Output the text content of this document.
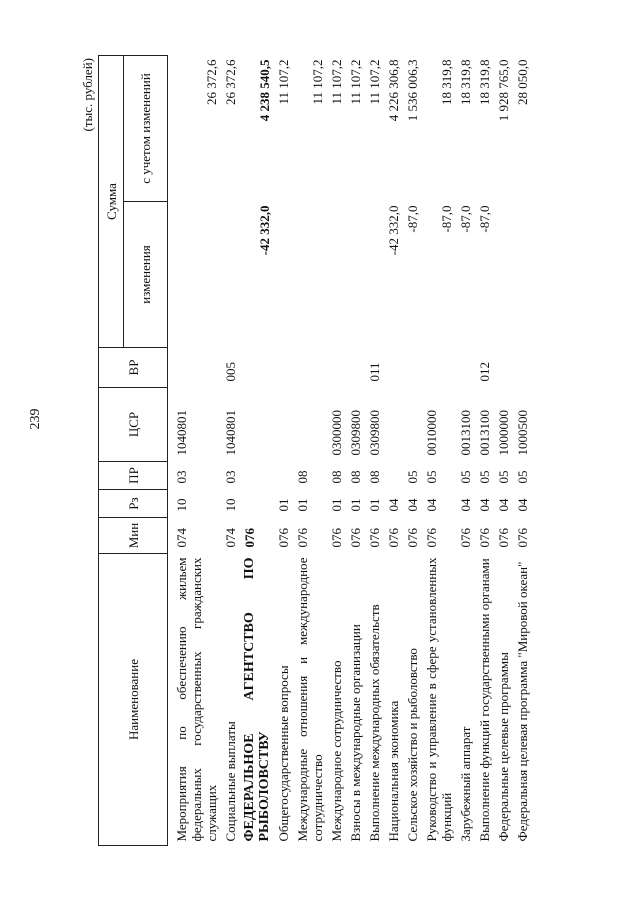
239
(тыс. рублей)
Наименование	Мин	Рз	ПР	ЦСР	ВР	Сумма	
						изменения	с учетом изменений
Мероприятия по обеспечению жильем федеральных государственных гражданских служащих	074	10	03	1040801			26 372,6
Социальные выплаты	074	10	03	1040801	005		26 372,6
ФЕДЕРАЛЬНОЕ АГЕНТСТВО ПО РЫБОЛОВСТВУ	076					-42 332,0	4 238 540,5
Общегосударственные вопросы	076	01					11 107,2
Международные отношения и международное сотрудничество	076	01	08				11 107,2
Международное сотрудничество	076	01	08	0300000			11 107,2
Взносы в международные организации	076	01	08	0309800			11 107,2
Выполнение международных обязательств	076	01	08	0309800	011		11 107,2
Национальная экономика	076	04				-42 332,0	4 226 306,8
Сельское хозяйство и рыболовство	076	04	05			-87,0	1 536 006,3
Руководство и управление в сфере установленных функций	076	04	05	0010000		-87,0	18 319,8
Зарубежный аппарат	076	04	05	0013100		-87,0	18 319,8
Выполнение функций государственными органами	076	04	05	0013100	012	-87,0	18 319,8
Федеральные целевые программы	076	04	05	1000000			1 928 765,0
Федеральная целевая программа "Мировой океан"	076	04	05	1000500			28 050,0
